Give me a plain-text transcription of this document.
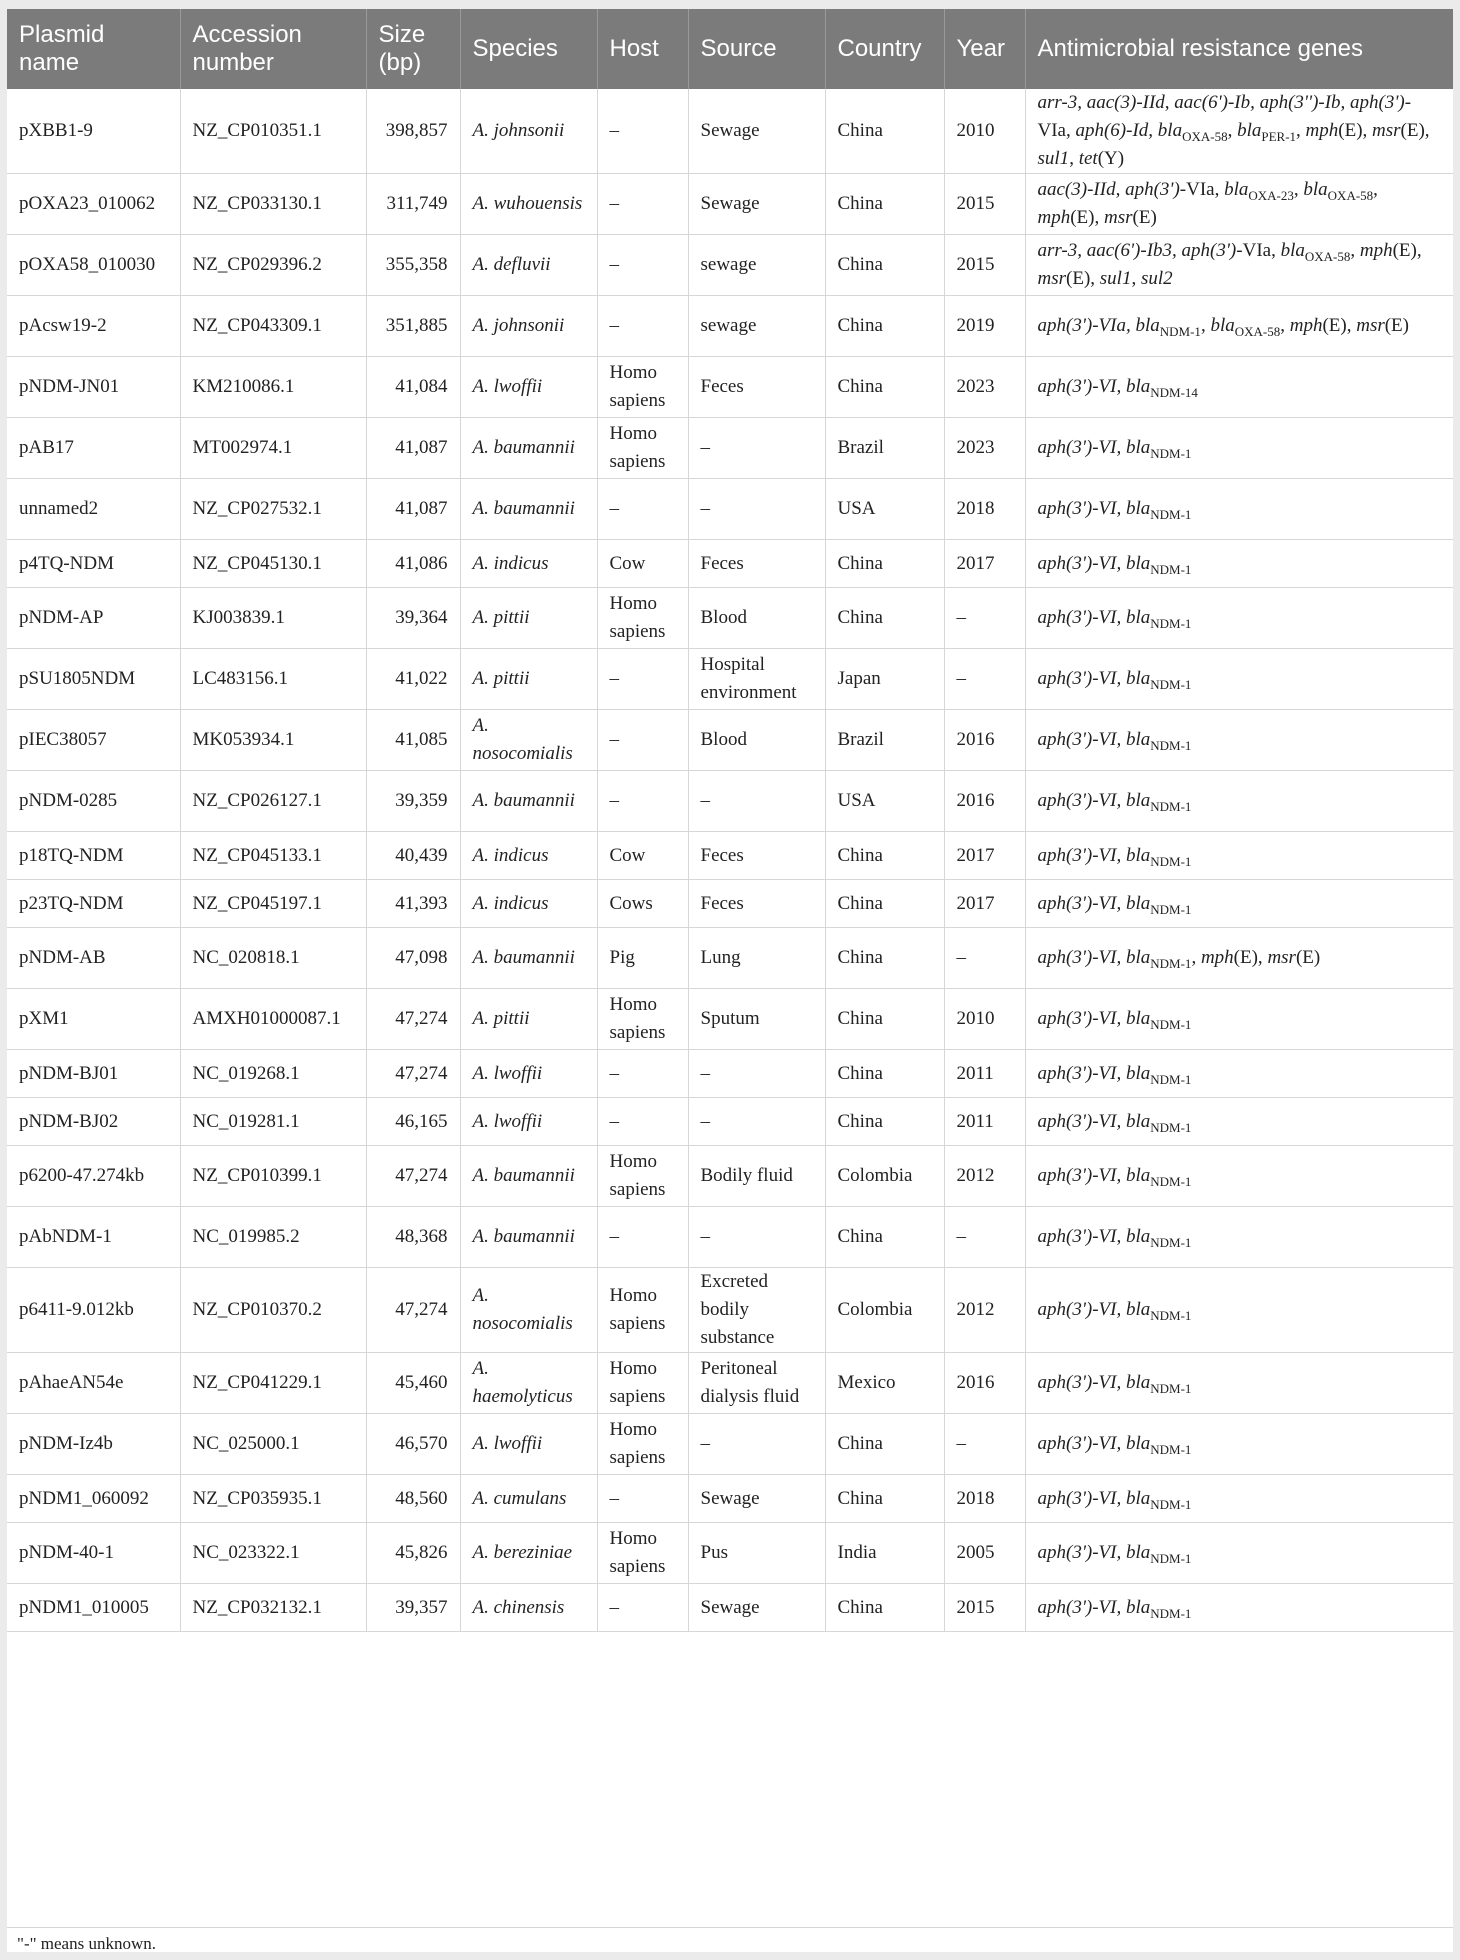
Plasmid name	Accession number	Size (bp)	Species	Host	Source	Country	Year	Antimicrobial resistance genes
pXBB1-9	NZ_CP010351.1	398,857	A. johnsonii	–	Sewage	China	2010	arr-3, aac(3)-IId, aac(6')-Ib, aph(3'')-Ib, aph(3')-VIa, aph(6)-Id, bla$_{OXA-58}$, bla$_{PER-1}$, mph(E), msr(E), sul1, tet(Y)
pOXA23_010062	NZ_CP033130.1	311,749	A. wuhouensis	–	Sewage	China	2015	aac(3)-IId, aph(3')-VIa, bla$_{OXA-23}$, bla$_{OXA-58}$, mph(E), msr(E)
pOXA58_010030	NZ_CP029396.2	355,358	A. defluvii	–	sewage	China	2015	arr-3, aac(6')-Ib3, aph(3')-VIa, bla$_{OXA-58}$, mph(E), msr(E), sul1, sul2
pAcsw19-2	NZ_CP043309.1	351,885	A. johnsonii	–	sewage	China	2019	aph(3')-VIa, bla$_{NDM-1}$, bla$_{OXA-58}$, mph(E), msr(E)
pNDM-JN01	KM210086.1	41,084	A. lwoffii	Homo sapiens	Feces	China	2023	aph(3')-VI, bla$_{NDM-14}$
pAB17	MT002974.1	41,087	A. baumannii	Homo sapiens	–	Brazil	2023	aph(3')-VI, bla$_{NDM-1}$
unnamed2	NZ_CP027532.1	41,087	A. baumannii	–	–	USA	2018	aph(3')-VI, bla$_{NDM-1}$
p4TQ-NDM	NZ_CP045130.1	41,086	A. indicus	Cow	Feces	China	2017	aph(3')-VI, bla$_{NDM-1}$
pNDM-AP	KJ003839.1	39,364	A. pittii	Homo sapiens	Blood	China	–	aph(3')-VI, bla$_{NDM-1}$
pSU1805NDM	LC483156.1	41,022	A. pittii	–	Hospital environment	Japan	–	aph(3')-VI, bla$_{NDM-1}$
pIEC38057	MK053934.1	41,085	A. nosocomialis	–	Blood	Brazil	2016	aph(3')-VI, bla$_{NDM-1}$
pNDM-0285	NZ_CP026127.1	39,359	A. baumannii	–	–	USA	2016	aph(3')-VI, bla$_{NDM-1}$
p18TQ-NDM	NZ_CP045133.1	40,439	A. indicus	Cow	Feces	China	2017	aph(3')-VI, bla$_{NDM-1}$
p23TQ-NDM	NZ_CP045197.1	41,393	A. indicus	Cows	Feces	China	2017	aph(3')-VI, bla$_{NDM-1}$
pNDM-AB	NC_020818.1	47,098	A. baumannii	Pig	Lung	China	–	aph(3')-VI, bla$_{NDM-1}$, mph(E), msr(E)
pXM1	AMXH01000087.1	47,274	A. pittii	Homo sapiens	Sputum	China	2010	aph(3')-VI, bla$_{NDM-1}$
pNDM-BJ01	NC_019268.1	47,274	A. lwoffii	–	–	China	2011	aph(3')-VI, bla$_{NDM-1}$
pNDM-BJ02	NC_019281.1	46,165	A. lwoffii	–	–	China	2011	aph(3')-VI, bla$_{NDM-1}$
p6200-47.274kb	NZ_CP010399.1	47,274	A. baumannii	Homo sapiens	Bodily fluid	Colombia	2012	aph(3')-VI, bla$_{NDM-1}$
pAbNDM-1	NC_019985.2	48,368	A. baumannii	–	–	China	–	aph(3')-VI, bla$_{NDM-1}$
p6411-9.012kb	NZ_CP010370.2	47,274	A. nosocomialis	Homo sapiens	Excreted bodily substance	Colombia	2012	aph(3')-VI, bla$_{NDM-1}$
pAhaeAN54e	NZ_CP041229.1	45,460	A. haemolyticus	Homo sapiens	Peritoneal dialysis fluid	Mexico	2016	aph(3')-VI, bla$_{NDM-1}$
pNDM-Iz4b	NC_025000.1	46,570	A. lwoffii	Homo sapiens	–	China	–	aph(3')-VI, bla$_{NDM-1}$
pNDM1_060092	NZ_CP035935.1	48,560	A. cumulans	–	Sewage	China	2018	aph(3')-VI, bla$_{NDM-1}$
pNDM-40-1	NC_023322.1	45,826	A. bereziniae	Homo sapiens	Pus	India	2005	aph(3')-VI, bla$_{NDM-1}$
pNDM1_010005	NZ_CP032132.1	39,357	A. chinensis	–	Sewage	China	2015	aph(3')-VI, bla$_{NDM-1}$
"-" means unknown.
